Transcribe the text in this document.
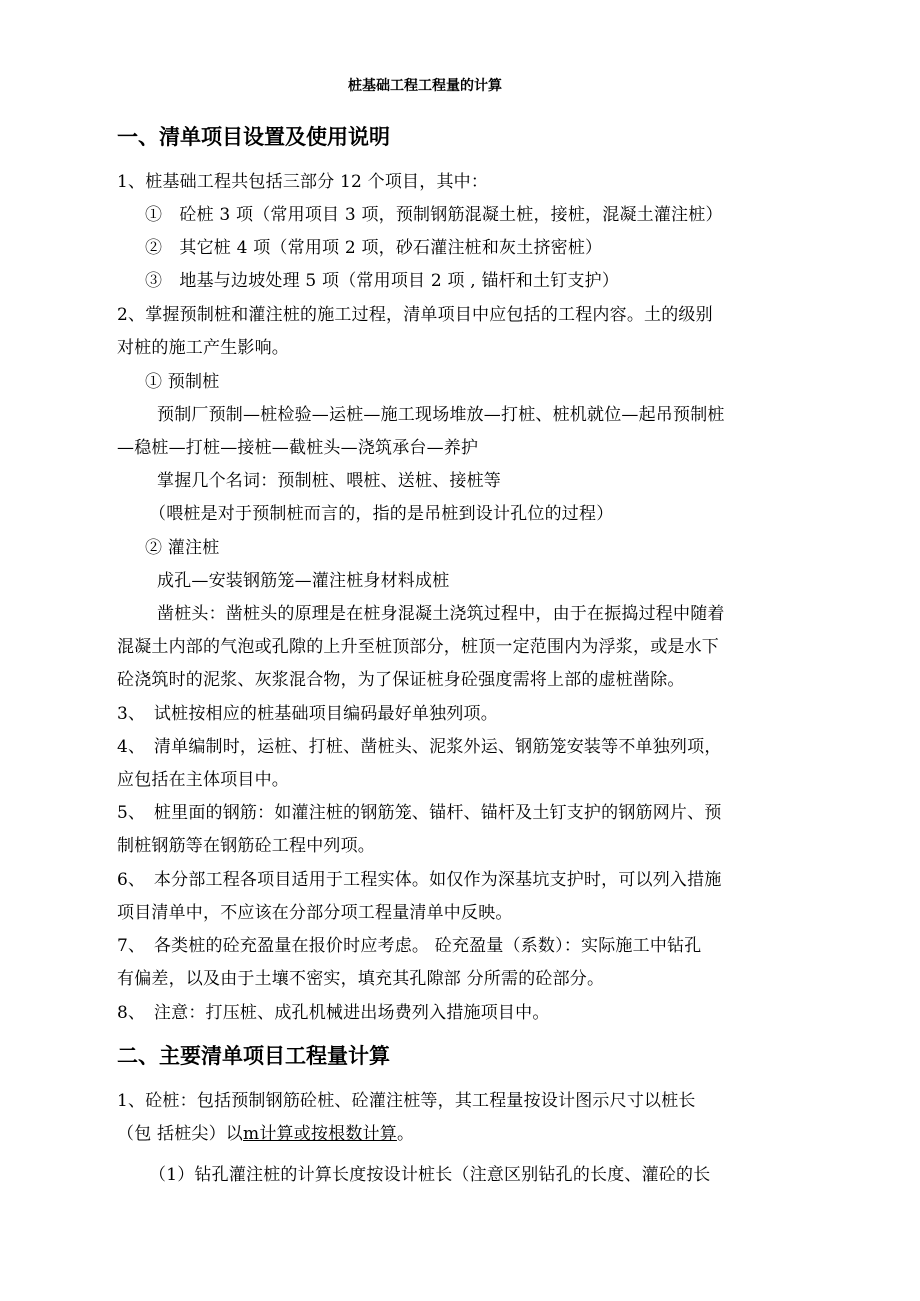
桩基础工程工程量的计算
一、清单项目设置及使用说明
1、桩基础工程共包括三部分 12 个项目，其中：
①　砼桩 3 项（常用项目 3 项，预制钢筋混凝土桩，接桩，混凝土灌注桩）
②　其它桩 4 项（常用项 2 项，砂石灌注桩和灰土挤密桩）
③　地基与边坡处理 5 项（常用项目 2 项 , 锚杆和土钉支护）
2、掌握预制桩和灌注桩的施工过程，清单项目中应包括的工程内容。土的级别
对桩的施工产生影响。
① 预制桩
预制厂预制—桩检验—运桩—施工现场堆放—打桩、桩机就位—起吊预制桩
—稳桩—打桩—接桩—截桩头—浇筑承台—养护
掌握几个名词：预制桩、喂桩、送桩、接桩等
（喂桩是对于预制桩而言的，指的是吊桩到设计孔位的过程）
② 灌注桩
成孔—安装钢筋笼—灌注桩身材料成桩
凿桩头：凿桩头的原理是在桩身混凝土浇筑过程中，由于在振捣过程中随着
混凝土内部的气泡或孔隙的上升至桩顶部分，桩顶一定范围内为浮浆，或是水下
砼浇筑时的泥浆、灰浆混合物，为了保证桩身砼强度需将上部的虚桩凿除。
3、　试桩按相应的桩基础项目编码最好单独列项。
4、　清单编制时，运桩、打桩、凿桩头、泥浆外运、钢筋笼安装等不单独列项，
应包括在主体项目中。
5、　桩里面的钢筋：如灌注桩的钢筋笼、锚杆、锚杆及土钉支护的钢筋网片、预
制桩钢筋等在钢筋砼工程中列项。
6、　本分部工程各项目适用于工程实体。如仅作为深基坑支护时，可以列入措施
项目清单中，不应该在分部分项工程量清单中反映。
7、　各类桩的砼充盈量在报价时应考虑。 砼充盈量（系数）：实际施工中钻孔
有偏差，以及由于土壤不密实，填充其孔隙部 分所需的砼部分。
8、　注意：打压桩、成孔机械进出场费列入措施项目中。
二、主要清单项目工程量计算
1、砼桩：包括预制钢筋砼桩、砼灌注桩等，其工程量按设计图示尺寸以桩长
（包 括桩尖）以m计算或按根数计算。
（1）钻孔灌注桩的计算长度按设计桩长（注意区别钻孔的长度、灌砼的长
